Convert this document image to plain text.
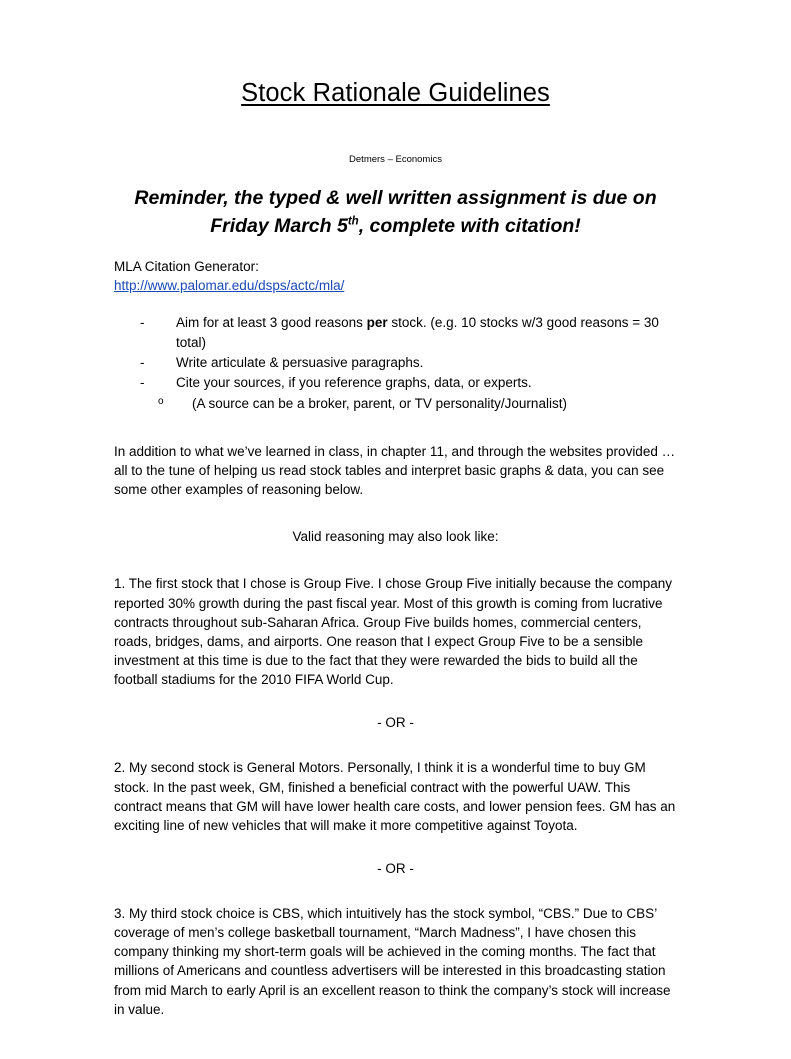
Stock Rationale Guidelines
Detmers – Economics
Reminder, the typed & well written assignment is due on Friday March 5th, complete with citation!
MLA Citation Generator:
http://www.palomar.edu/dsps/actc/mla/
- Aim for at least 3 good reasons per stock. (e.g. 10 stocks w/3 good reasons = 30 total)
- Write articulate & persuasive paragraphs.
- Cite your sources, if you reference graphs, data, or experts.
o (A source can be a broker, parent, or TV personality/Journalist)
In addition to what we’ve learned in class, in chapter 11, and through the websites provided … all to the tune of helping us read stock tables and interpret basic graphs & data, you can see some other examples of reasoning below.
Valid reasoning may also look like:
1. The first stock that I chose is Group Five. I chose Group Five initially because the company reported 30% growth during the past fiscal year. Most of this growth is coming from lucrative contracts throughout sub-Saharan Africa. Group Five builds homes, commercial centers, roads, bridges, dams, and airports. One reason that I expect Group Five to be a sensible investment at this time is due to the fact that they were rewarded the bids to build all the football stadiums for the 2010 FIFA World Cup.
- OR -
2. My second stock is General Motors. Personally, I think it is a wonderful time to buy GM stock. In the past week, GM, finished a beneficial contract with the powerful UAW. This contract means that GM will have lower health care costs, and lower pension fees. GM has an exciting line of new vehicles that will make it more competitive against Toyota.
- OR -
3. My third stock choice is CBS, which intuitively has the stock symbol, “CBS.” Due to CBS’ coverage of men’s college basketball tournament, “March Madness”, I have chosen this company thinking my short-term goals will be achieved in the coming months. The fact that millions of Americans and countless advertisers will be interested in this broadcasting station from mid March to early April is an excellent reason to think the company’s stock will increase in value.
